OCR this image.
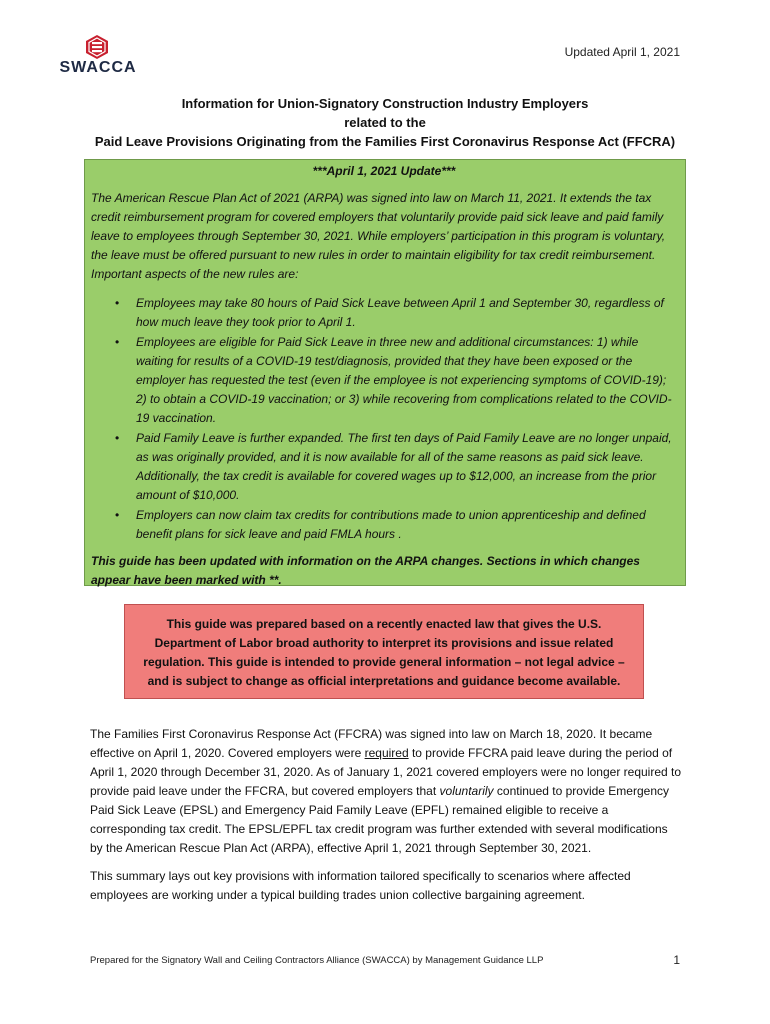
SWACCA
Updated April 1, 2021
Information for Union-Signatory Construction Industry Employers
related to the
Paid Leave Provisions Originating from the Families First Coronavirus Response Act (FFCRA)
***April 1, 2021 Update***

The American Rescue Plan Act of 2021 (ARPA) was signed into law on March 11, 2021. It extends the tax credit reimbursement program for covered employers that voluntarily provide paid sick leave and paid family leave to employees through September 30, 2021. While employers’ participation in this program is voluntary, the leave must be offered pursuant to new rules in order to maintain eligibility for tax credit reimbursement. Important aspects of the new rules are:

• Employees may take 80 hours of Paid Sick Leave between April 1 and September 30, regardless of how much leave they took prior to April 1.
• Employees are eligible for Paid Sick Leave in three new and additional circumstances: 1) while waiting for results of a COVID-19 test/diagnosis, provided that they have been exposed or the employer has requested the test (even if the employee is not experiencing symptoms of COVID-19); 2) to obtain a COVID-19 vaccination; or 3) while recovering from complications related to the COVID-19 vaccination.
• Paid Family Leave is further expanded. The first ten days of Paid Family Leave are no longer unpaid, as was originally provided, and it is now available for all of the same reasons as paid sick leave. Additionally, the tax credit is available for covered wages up to $12,000, an increase from the prior amount of $10,000.
• Employers can now claim tax credits for contributions made to union apprenticeship and defined benefit plans for sick leave and paid FMLA hours .

This guide has been updated with information on the ARPA changes. Sections in which changes appear have been marked with **.

This guide was prepared based on a recently enacted law that gives the U.S. Department of Labor broad authority to interpret its provisions and issue related regulation. This guide is intended to provide general information – not legal advice – and is subject to change as official interpretations and guidance become available.

The Families First Coronavirus Response Act (FFCRA) was signed into law on March 18, 2020. It became effective on April 1, 2020. Covered employers were required to provide FFCRA paid leave during the period of April 1, 2020 through December 31, 2020. As of January 1, 2021 covered employers were no longer required to provide paid leave under the FFCRA, but covered employers that voluntarily continued to provide Emergency Paid Sick Leave (EPSL) and Emergency Paid Family Leave (EPFL) remained eligible to receive a corresponding tax credit. The EPSL/EPFL tax credit program was further extended with several modifications by the American Rescue Plan Act (ARPA), effective April 1, 2021 through September 30, 2021.

This summary lays out key provisions with information tailored specifically to scenarios where affected employees are working under a typical building trades union collective bargaining agreement.

Prepared for the Signatory Wall and Ceiling Contractors Alliance (SWACCA) by Management Guidance LLP	1
